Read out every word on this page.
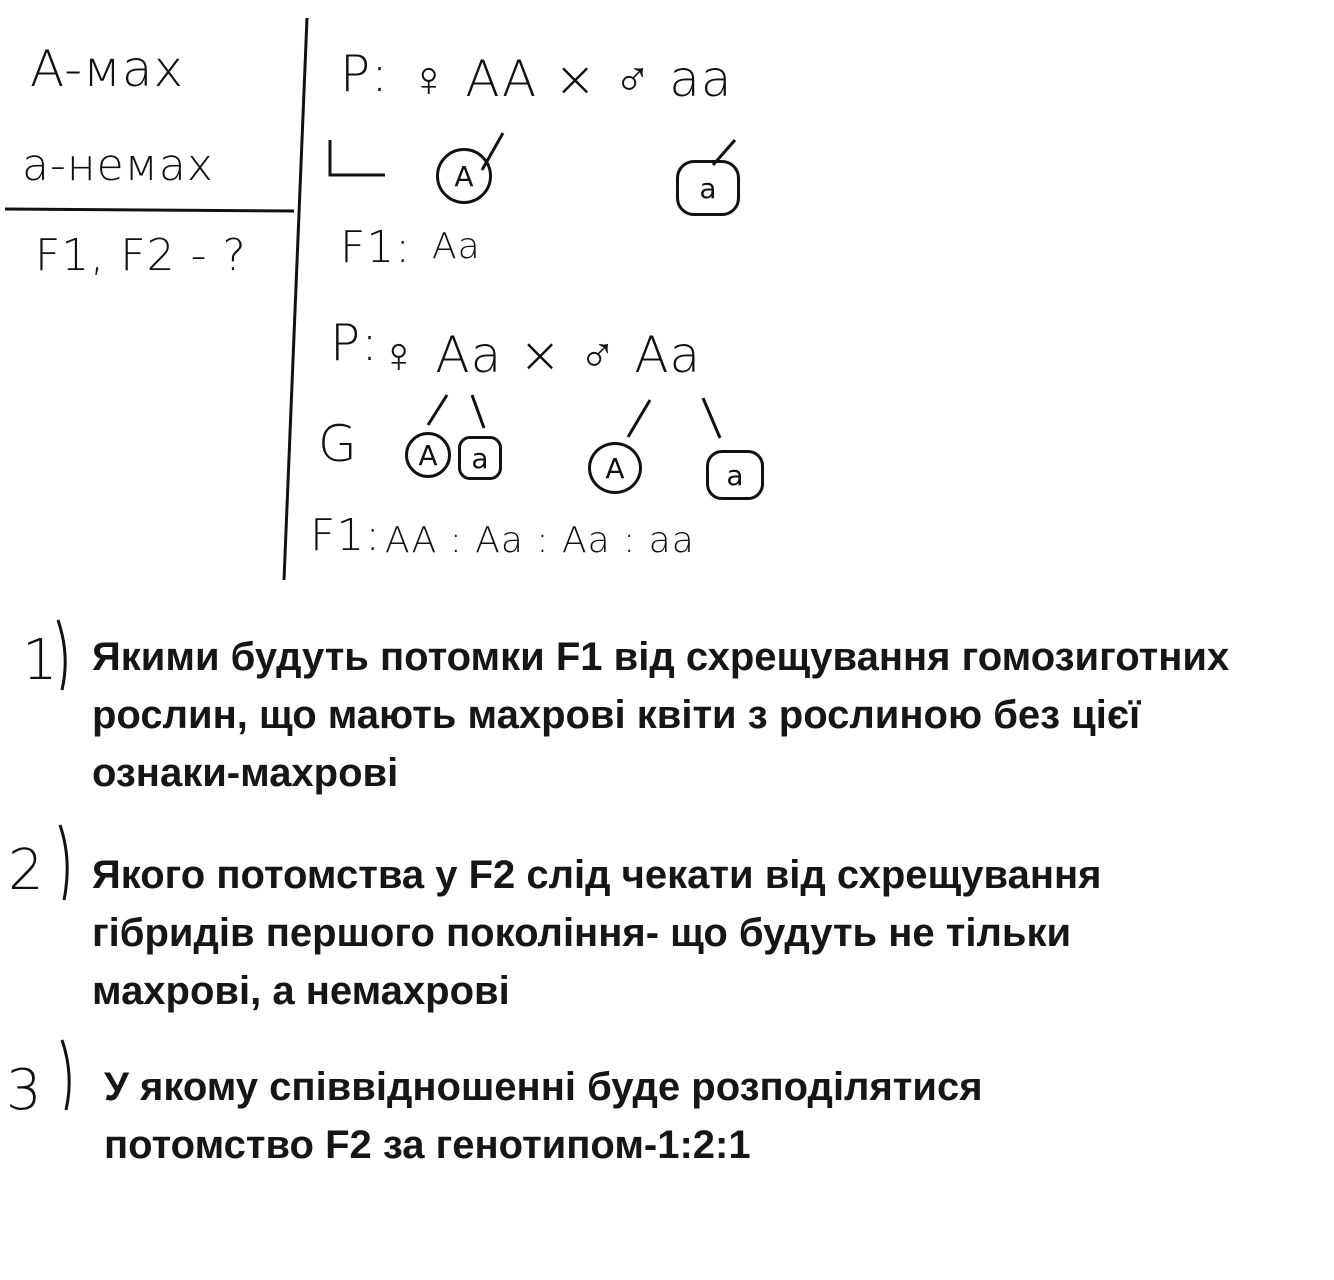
A-мах
a-немах
F1, F2 - ?
P: ♀ AA × ♂ aa
A	a
F1: Aa
P: ♀ Aa × ♂ Aa
G A a	A	a
F1: AA : Aa : Aa : aa
1 Якими будуть потомки F1 від схрещування гомозиготних
рослин, що мають махрові квіти з рослиною без цієї
ознаки-махрові
2 Якого потомства у F2 слід чекати від схрещування
гібридів першого покоління- що будуть не тільки
махрові, а немахрові
3 У якому співвідношенні буде розподілятися
потомство F2 за генотипом-1:2:1
